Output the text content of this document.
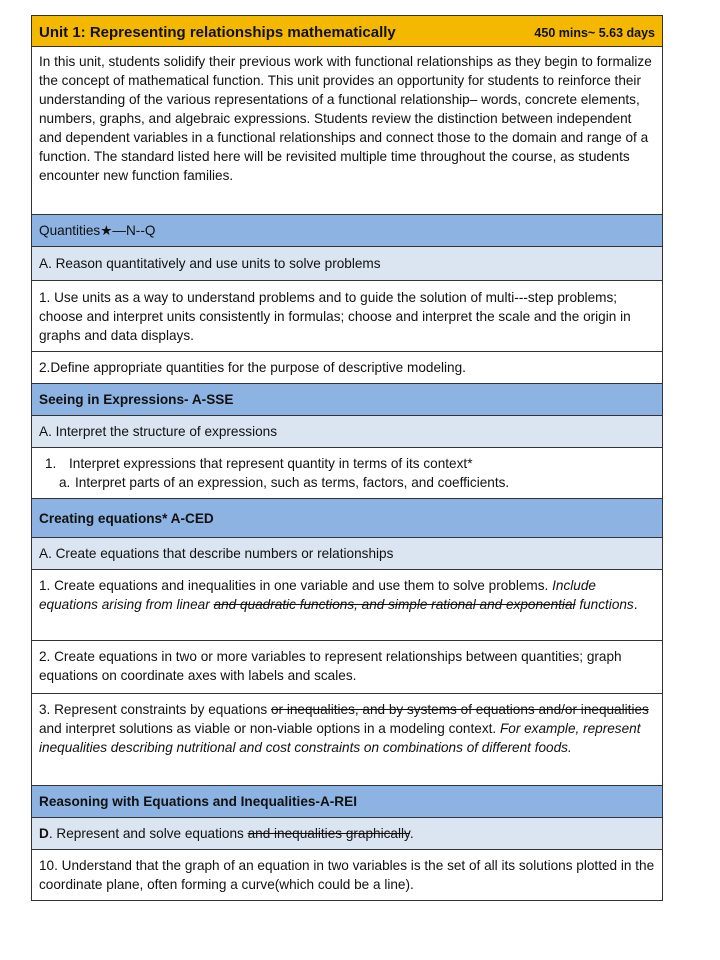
Unit 1: Representing relationships mathematically	450 mins~ 5.63 days
In this unit, students solidify their previous work with functional relationships as they begin to formalize the concept of mathematical function. This unit provides an opportunity for students to reinforce their understanding of the various representations of a functional relationship– words, concrete elements, numbers, graphs, and algebraic expressions. Students review the distinction between independent and dependent variables in a functional relationships and connect those to the domain and range of a function. The standard listed here will be revisited multiple time throughout the course, as students encounter new function families.
Quantities★—N--Q
A. Reason quantitatively and use units to solve problems
1. Use units as a way to understand problems and to guide the solution of multi---step problems; choose and interpret units consistently in formulas; choose and interpret the scale and the origin in graphs and data displays.
2.Define appropriate quantities for the purpose of descriptive modeling.
Seeing in Expressions- A-SSE
A. Interpret the structure of expressions
1. Interpret expressions that represent quantity in terms of its context*
a. Interpret parts of an expression, such as terms, factors, and coefficients.
Creating equations* A-CED
A. Create equations that describe numbers or relationships
1. Create equations and inequalities in one variable and use them to solve problems. Include equations arising from linear and quadratic functions, and simple rational and exponential functions.
2. Create equations in two or more variables to represent relationships between quantities; graph equations on coordinate axes with labels and scales.
3. Represent constraints by equations or inequalities, and by systems of equations and/or inequalities and interpret solutions as viable or non-viable options in a modeling context. For example, represent inequalities describing nutritional and cost constraints on combinations of different foods.
Reasoning with Equations and Inequalities-A-REI
D. Represent and solve equations and inequalities graphically.
10. Understand that the graph of an equation in two variables is the set of all its solutions plotted in the coordinate plane, often forming a curve(which could be a line).
